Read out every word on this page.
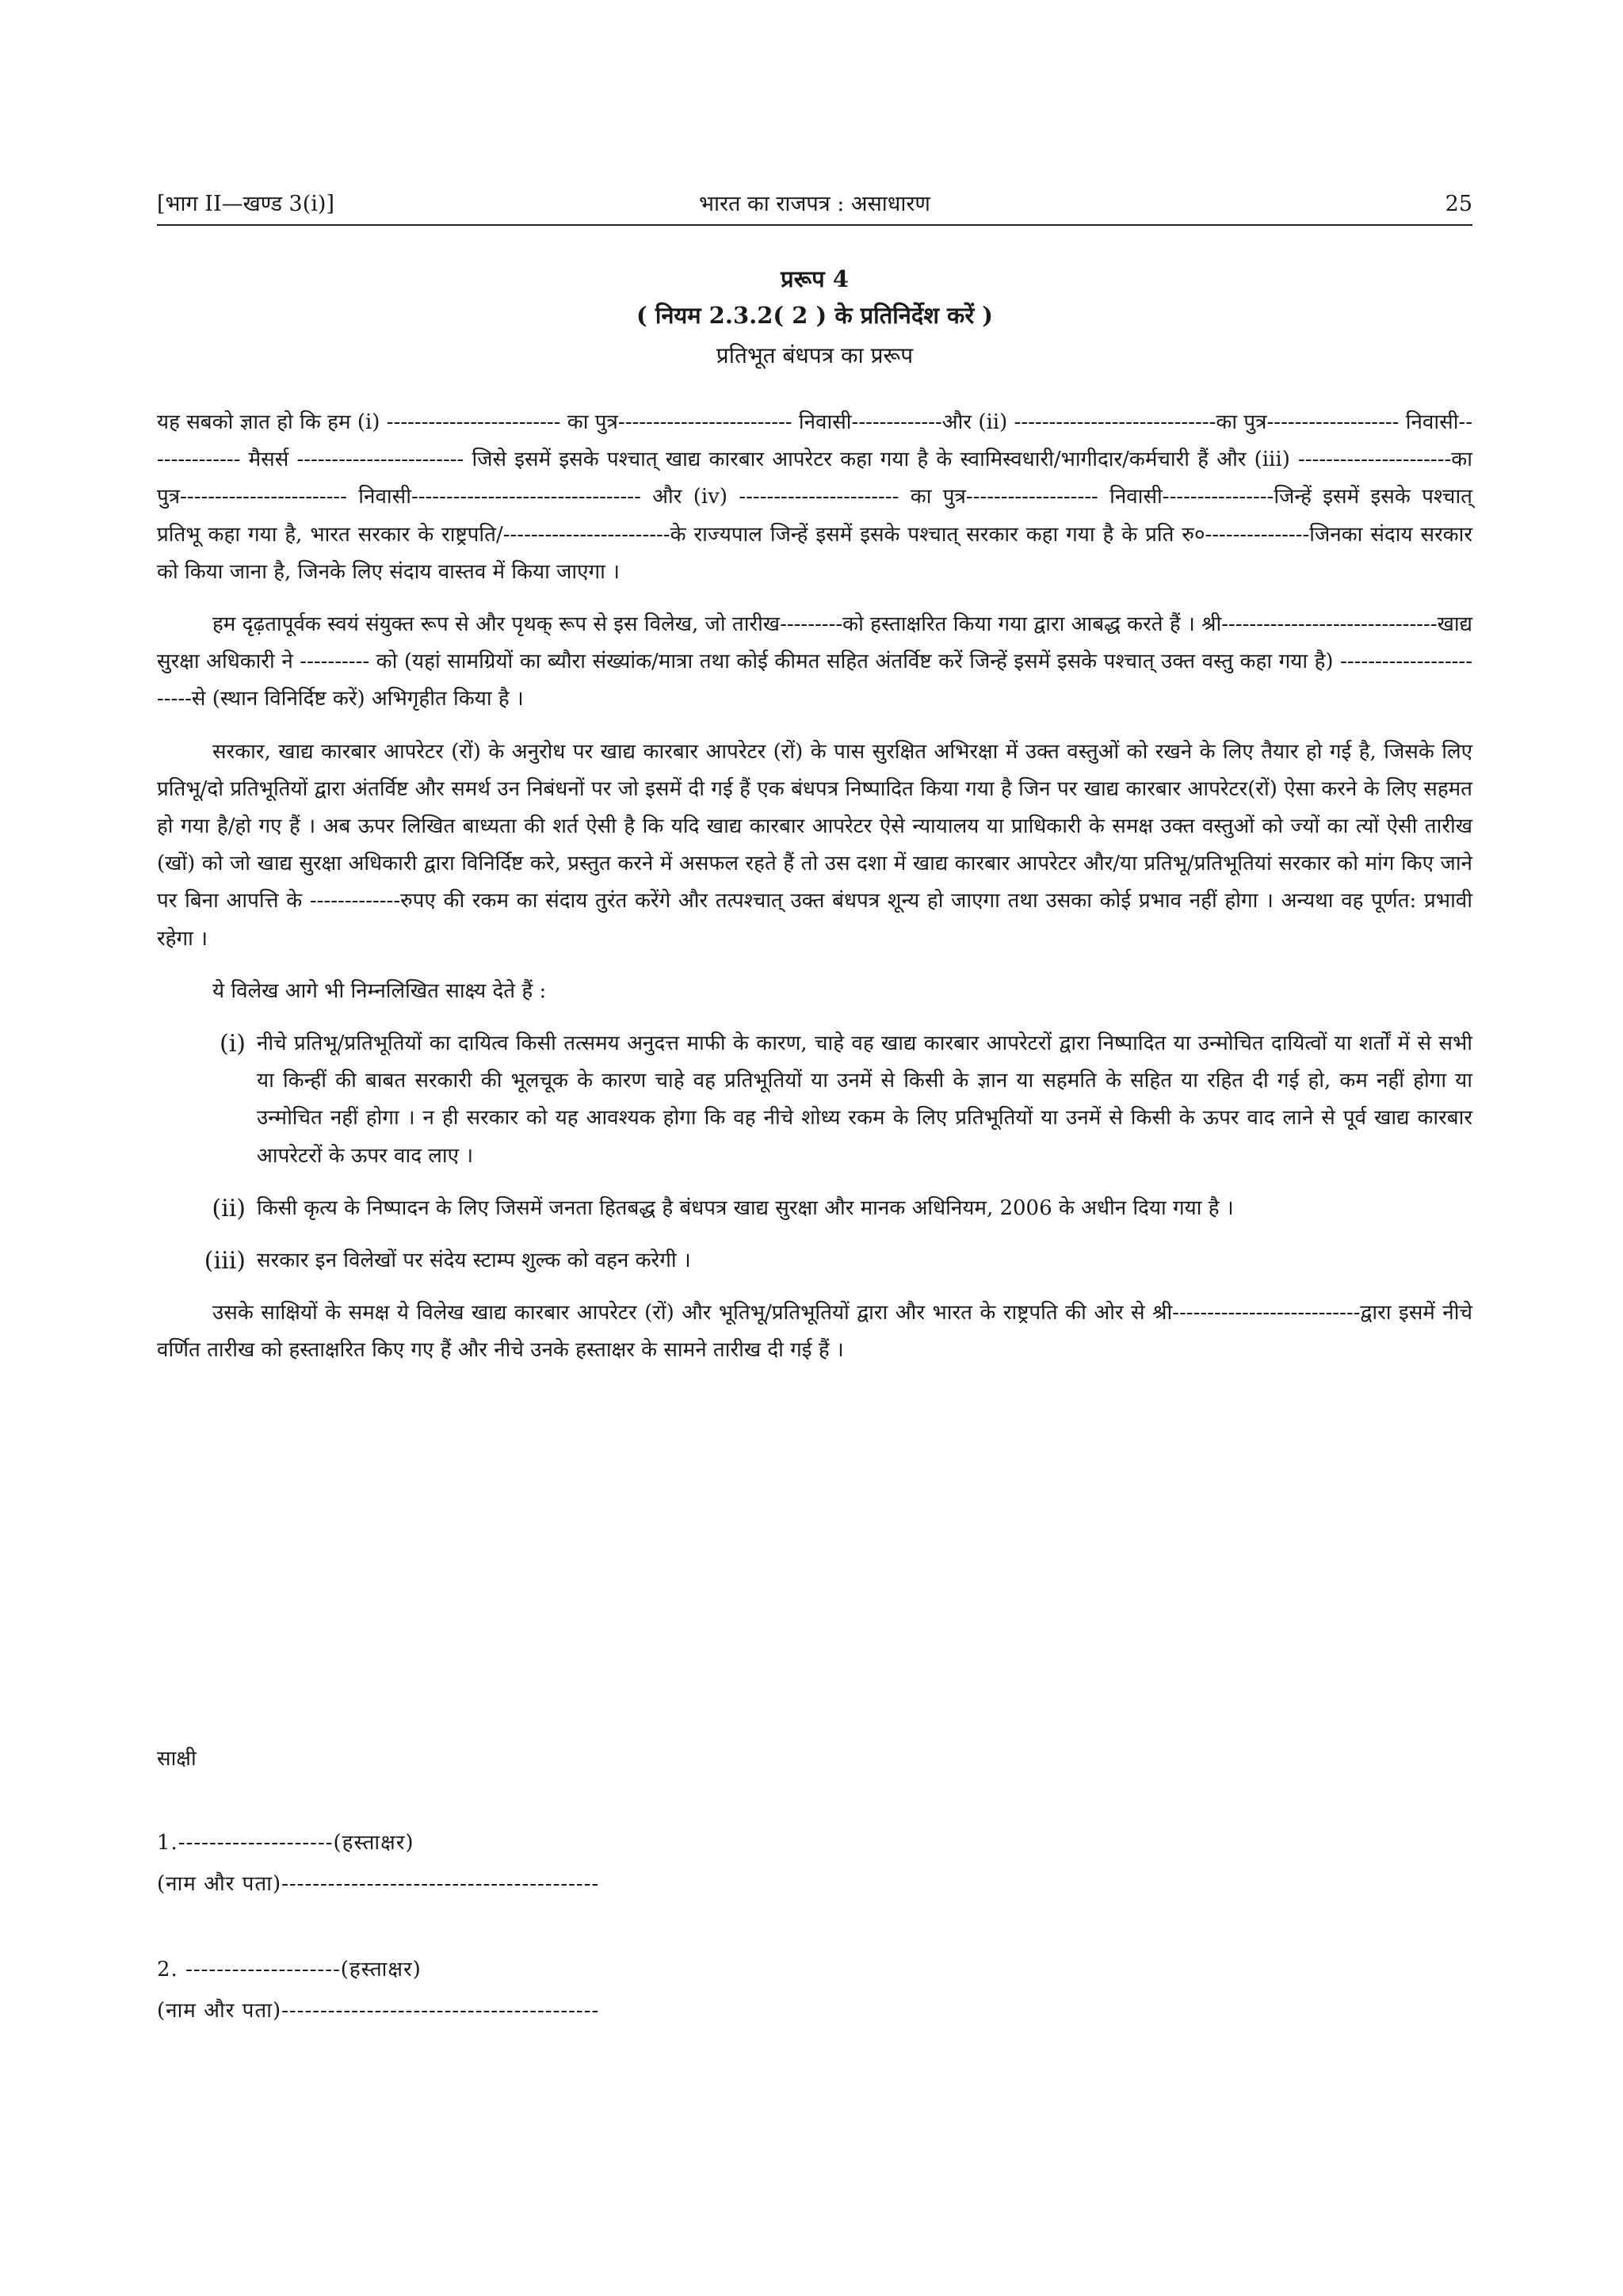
[भाग II—खण्ड 3(i)]	भारत का राजपत्र : असाधारण	25
प्ररूप 4
( नियम 2.3.2( 2 ) के प्रतिनिर्देश करें )
प्रतिभूत बंधपत्र का प्ररूप

यह सबको ज्ञात हो कि हम (i) ------------------------- का पुत्र------------------------- निवासी-------------और (ii) -----------------------------का पुत्र------------------- निवासी-------------- मैसर्स ------------------------ जिसे इसमें इसके पश्चात् खाद्य कारबार आपरेटर कहा गया है के स्वामिस्वधारी/भागीदार/कर्मचारी हैं और (iii) ----------------------का पुत्र------------------------ निवासी--------------------------------- और (iv) ----------------------- का पुत्र------------------- निवासी----------------जिन्हें इसमें इसके पश्चात् प्रतिभू कहा गया है, भारत सरकार के राष्ट्रपति/------------------------के राज्यपाल जिन्हें इसमें इसके पश्चात् सरकार कहा गया है के प्रति रु०---------------जिनका संदाय सरकार को किया जाना है, जिनके लिए संदाय वास्तव में किया जाएगा ।

हम दृढ़तापूर्वक स्वयं संयुक्त रूप से और पृथक् रूप से इस विलेख, जो तारीख---------को हस्ताक्षरित किया गया द्वारा आबद्ध करते हैं । श्री-------------------------------खाद्य सुरक्षा अधिकारी ने ---------- को (यहां सामग्रियों का ब्यौरा संख्यांक/मात्रा तथा कोई कीमत सहित अंतर्विष्ट करें जिन्हें इसमें इसके पश्चात् उक्त वस्तु कहा गया है) ------------------------से (स्थान विनिर्दिष्ट करें) अभिगृहीत किया है ।

सरकार, खाद्य कारबार आपरेटर (रों) के अनुरोध पर खाद्य कारबार आपरेटर (रों) के पास सुरक्षित अभिरक्षा में उक्त वस्तुओं को रखने के लिए तैयार हो गई है, जिसके लिए प्रतिभू/दो प्रतिभूतियों द्वारा अंतर्विष्ट और समर्थ उन निबंधनों पर जो इसमें दी गई हैं एक बंधपत्र निष्पादित किया गया है जिन पर खाद्य कारबार आपरेटर(रों) ऐसा करने के लिए सहमत हो गया है/हो गए हैं । अब ऊपर लिखित बाध्यता की शर्त ऐसी है कि यदि खाद्य कारबार आपरेटर ऐसे न्यायालय या प्राधिकारी के समक्ष उक्त वस्तुओं को ज्यों का त्यों ऐसी तारीख (खों) को जो खाद्य सुरक्षा अधिकारी द्वारा विनिर्दिष्ट करे, प्रस्तुत करने में असफल रहते हैं तो उस दशा में खाद्य कारबार आपरेटर और/या प्रतिभू/प्रतिभूतियां सरकार को मांग किए जाने पर बिना आपत्ति के -------------रुपए की रकम का संदाय तुरंत करेंगे और तत्पश्चात् उक्त बंधपत्र शून्य हो जाएगा तथा उसका कोई प्रभाव नहीं होगा । अन्यथा वह पूर्णत: प्रभावी रहेगा ।

ये विलेख आगे भी निम्नलिखित साक्ष्य देते हैं :

(i) नीचे प्रतिभू/प्रतिभूतियों का दायित्व किसी तत्समय अनुदत्त माफी के कारण, चाहे वह खाद्य कारबार आपरेटरों द्वारा निष्पादित या उन्मोचित दायित्वों या शर्तों में से सभी या किन्हीं की बाबत सरकारी की भूलचूक के कारण चाहे वह प्रतिभूतियों या उनमें से किसी के ज्ञान या सहमति के सहित या रहित दी गई हो, कम नहीं होगा या उन्मोचित नहीं होगा । न ही सरकार को यह आवश्यक होगा कि वह नीचे शोध्य रकम के लिए प्रतिभूतियों या उनमें से किसी के ऊपर वाद लाने से पूर्व खाद्य कारबार आपरेटरों के ऊपर वाद लाए ।
(ii) किसी कृत्य के निष्पादन के लिए जिसमें जनता हितबद्ध है बंधपत्र खाद्य सुरक्षा और मानक अधिनियम, 2006 के अधीन दिया गया है ।
(iii) सरकार इन विलेखों पर संदेय स्टाम्प शुल्क को वहन करेगी ।

उसके साक्षियों के समक्ष ये विलेख खाद्य कारबार आपरेटर (रों) और भूतिभू/प्रतिभूतियों द्वारा और भारत के राष्ट्रपति की ओर से श्री---------------------------द्वारा इसमें नीचे वर्णित तारीख को हस्ताक्षरित किए गए हैं और नीचे उनके हस्ताक्षर के सामने तारीख दी गई हैं ।

साक्षी
1.--------------------(हस्ताक्षर)
(नाम और पता)-----------------------------------------
2. --------------------(हस्ताक्षर)
(नाम और पता)-----------------------------------------
